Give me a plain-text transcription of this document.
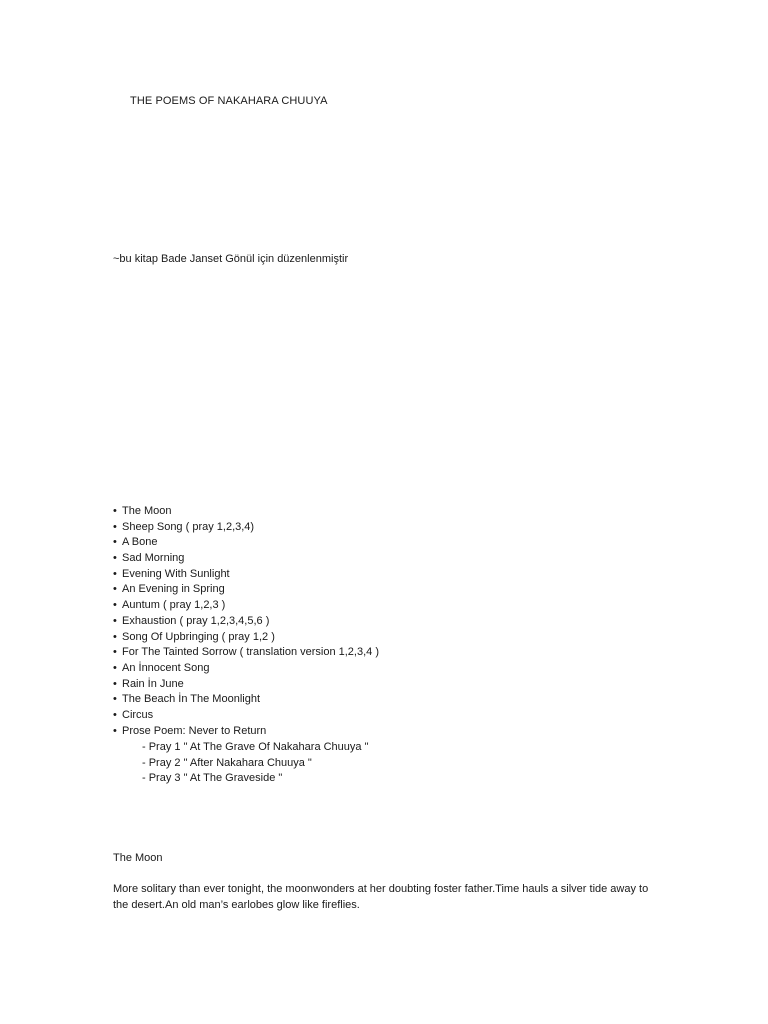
THE POEMS OF NAKAHARA CHUUYA
~bu kitap Bade Janset Gönül için düzenlenmiştir
• The Moon
• Sheep Song ( pray 1,2,3,4)
• A Bone
• Sad Morning
• Evening With Sunlight
• An Evening in Spring
• Auntum ( pray 1,2,3 )
• Exhaustion ( pray 1,2,3,4,5,6 )
• Song Of Upbringing ( pray 1,2 )
• For The Tainted Sorrow ( translation version 1,2,3,4 )
• An İnnocent Song
• Rain İn June
• The Beach İn The Moonlight
• Circus
• Prose Poem: Never to Return
- Pray 1 " At The Grave Of Nakahara Chuuya "
- Pray 2 " After Nakahara Chuuya "
- Pray 3 " At The Graveside "
The Moon
More solitary than ever tonight, the moonwonders at her doubting foster father.Time hauls a silver tide away to the desert.An old man’s earlobes glow like fireflies.
